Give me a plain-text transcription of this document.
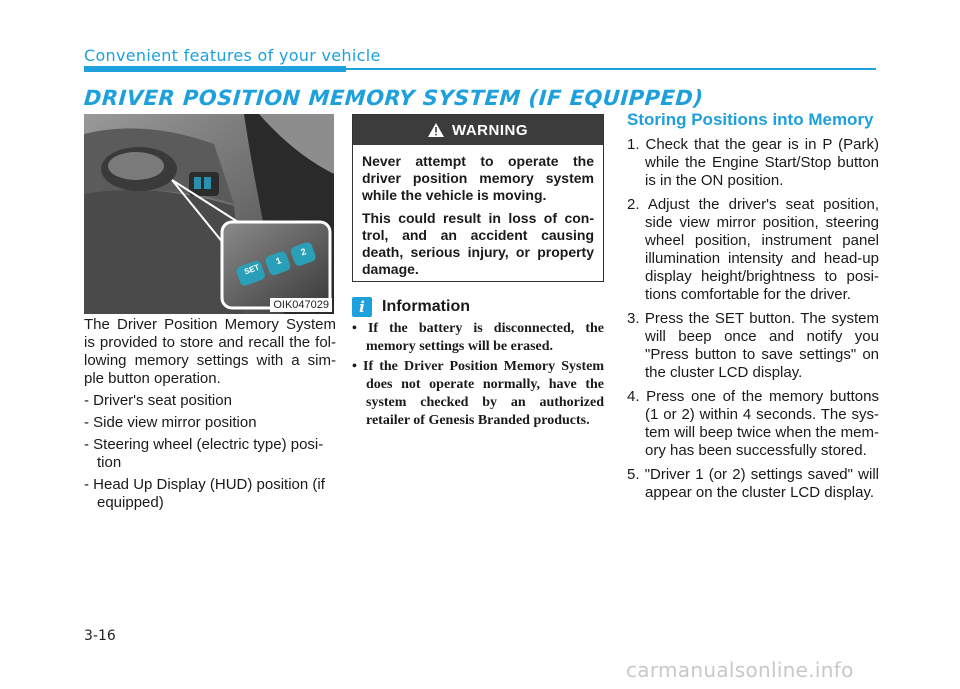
Convenient features of your vehicle
DRIVER POSITION MEMORY SYSTEM (IF EQUIPPED)
SET
1
2
OIK047029

The Driver Position Memory System is provided to store and recall the fol-lowing memory settings with a sim-ple button operation.

- Driver's seat position
- Side view mirror position
- Steering wheel (electric type) posi-tion
- Head Up Display (HUD) position (if equipped)
WARNING

Never attempt to operate the driver position memory system while the vehicle is moving.

This could result in loss of con-trol, and an accident causing death, serious injury, or property damage.

i	Information
• If the battery is disconnected, the memory settings will be erased.
• If the Driver Position Memory System does not operate normally, have the system checked by an authorized retailer of Genesis Branded products.
Storing Positions into Memory
1. Check that the gear is in P (Park) while the Engine Start/Stop button is in the ON position.
2. Adjust the driver's seat position, side view mirror position, steering wheel position, instrument panel illumination intensity and head-up display height/brightness to posi-tions comfortable for the driver.
3. Press the SET button. The system will beep once and notify you "Press button to save settings" on the cluster LCD display.
4. Press one of the memory buttons (1 or 2) within 4 seconds. The sys-tem will beep twice when the mem-ory has been successfully stored.
5. "Driver 1 (or 2) settings saved" will appear on the cluster LCD display.
3-16
carmanualsonline.info
